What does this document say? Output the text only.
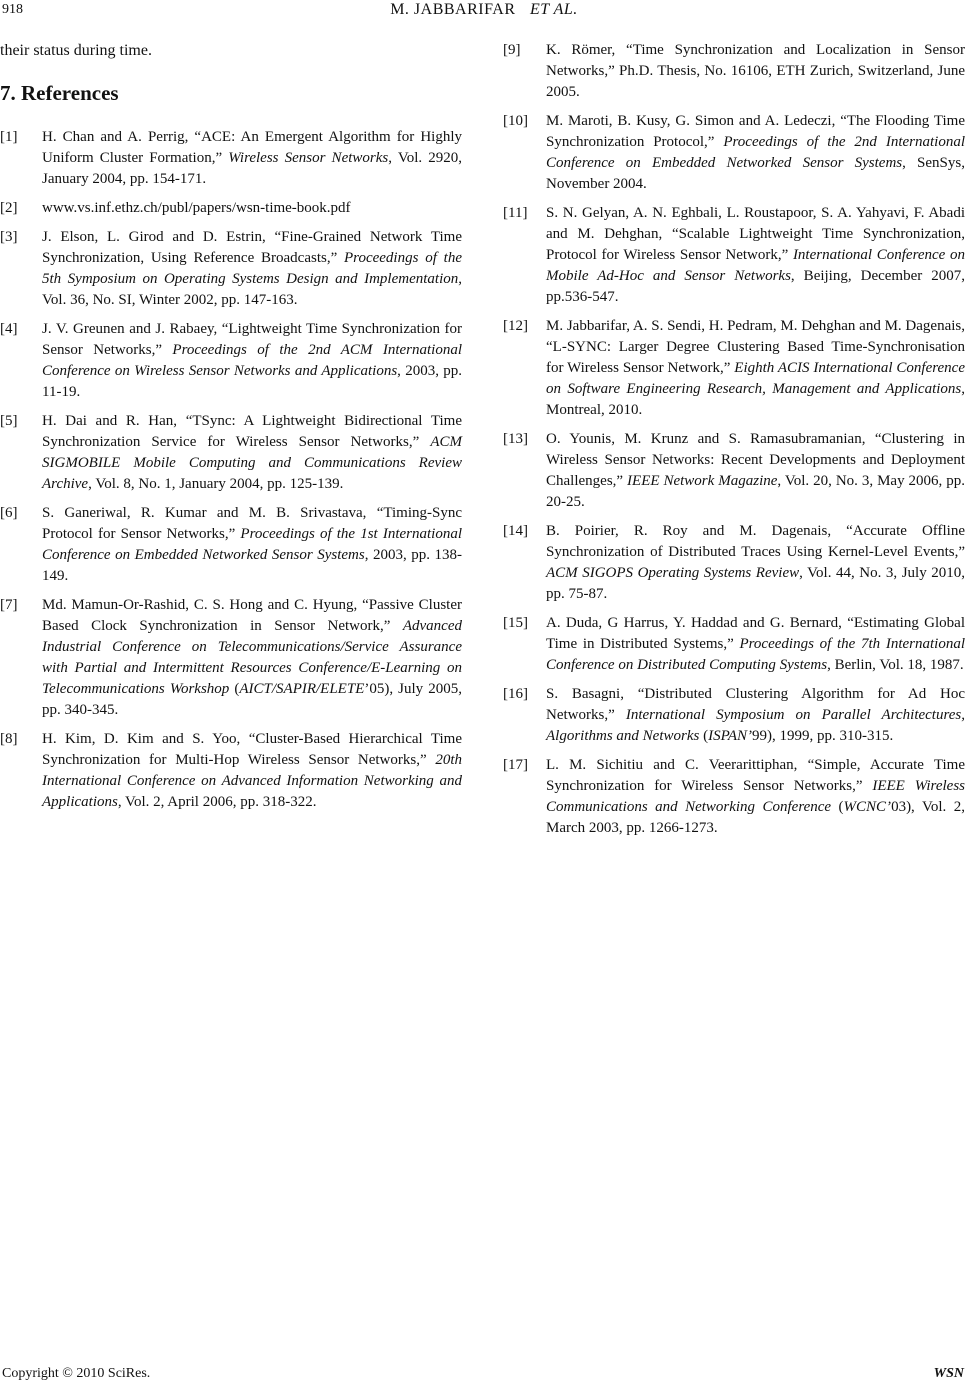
918	M. JABBARIFAR ET AL.

their status during time.

7. References
[1] H. Chan and A. Perrig, “ACE: An Emergent Algorithm for Highly Uniform Cluster Formation,” Wireless Sensor Networks, Vol. 2920, January 2004, pp. 154-171.
[2] www.vs.inf.ethz.ch/publ/papers/wsn-time-book.pdf
[3] J. Elson, L. Girod and D. Estrin, “Fine-Grained Network Time Synchronization, Using Reference Broadcasts,” Proceedings of the 5th Symposium on Operating Systems Design and Implementation, Vol. 36, No. SI, Winter 2002, pp. 147-163.
[4] J. V. Greunen and J. Rabaey, “Lightweight Time Synchronization for Sensor Networks,” Proceedings of the 2nd ACM International Conference on Wireless Sensor Networks and Applications, 2003, pp. 11-19.
[5] H. Dai and R. Han, “TSync: A Lightweight Bidirectional Time Synchronization Service for Wireless Sensor Networks,” ACM SIGMOBILE Mobile Computing and Communications Review Archive, Vol. 8, No. 1, January 2004, pp. 125-139.
[6] S. Ganeriwal, R. Kumar and M. B. Srivastava, “Timing-Sync Protocol for Sensor Networks,” Proceedings of the 1st International Conference on Embedded Networked Sensor Systems, 2003, pp. 138-149.
[7] Md. Mamun-Or-Rashid, C. S. Hong and C. Hyung, “Passive Cluster Based Clock Synchronization in Sensor Network,” Advanced Industrial Conference on Telecommunications/Service Assurance with Partial and Intermittent Resources Conference/E-Learning on Telecommunications Workshop (AICT/SAPIR/ELETE’05), July 2005, pp. 340-345.
[8] H. Kim, D. Kim and S. Yoo, “Cluster-Based Hierarchical Time Synchronization for Multi-Hop Wireless Sensor Networks,” 20th International Conference on Advanced Information Networking and Applications, Vol. 2, April 2006, pp. 318-322.
[9] K. Römer, “Time Synchronization and Localization in Sensor Networks,” Ph.D. Thesis, No. 16106, ETH Zurich, Switzerland, June 2005.
[10] M. Maroti, B. Kusy, G. Simon and A. Ledeczi, “The Flooding Time Synchronization Protocol,” Proceedings of the 2nd International Conference on Embedded Networked Sensor Systems, SenSys, November 2004.
[11] S. N. Gelyan, A. N. Eghbali, L. Roustapoor, S. A. Yahyavi, F. Abadi and M. Dehghan, “Scalable Lightweight Time Synchronization, Protocol for Wireless Sensor Network,” International Conference on Mobile Ad-Hoc and Sensor Networks, Beijing, December 2007, pp.536-547.
[12] M. Jabbarifar, A. S. Sendi, H. Pedram, M. Dehghan and M. Dagenais, “L-SYNC: Larger Degree Clustering Based Time-Synchronisation for Wireless Sensor Network,” Eighth ACIS International Conference on Software Engineering Research, Management and Applications, Montreal, 2010.
[13] O. Younis, M. Krunz and S. Ramasubramanian, “Clustering in Wireless Sensor Networks: Recent Developments and Deployment Challenges,” IEEE Network Magazine, Vol. 20, No. 3, May 2006, pp. 20-25.
[14] B. Poirier, R. Roy and M. Dagenais, “Accurate Offline Synchronization of Distributed Traces Using Kernel-Level Events,” ACM SIGOPS Operating Systems Review, Vol. 44, No. 3, July 2010, pp. 75-87.
[15] A. Duda, G Harrus, Y. Haddad and G. Bernard, “Estimating Global Time in Distributed Systems,” Proceedings of the 7th International Conference on Distributed Computing Systems, Berlin, Vol. 18, 1987.
[16] S. Basagni, “Distributed Clustering Algorithm for Ad Hoc Networks,” International Symposium on Parallel Architectures, Algorithms and Networks (ISPAN’99), 1999, pp. 310-315.
[17] L. M. Sichitiu and C. Veerarittiphan, “Simple, Accurate Time Synchronization for Wireless Sensor Networks,” IEEE Wireless Communications and Networking Conference (WCNC’03), Vol. 2, March 2003, pp. 1266-1273.
Copyright © 2010 SciRes.	WSN
